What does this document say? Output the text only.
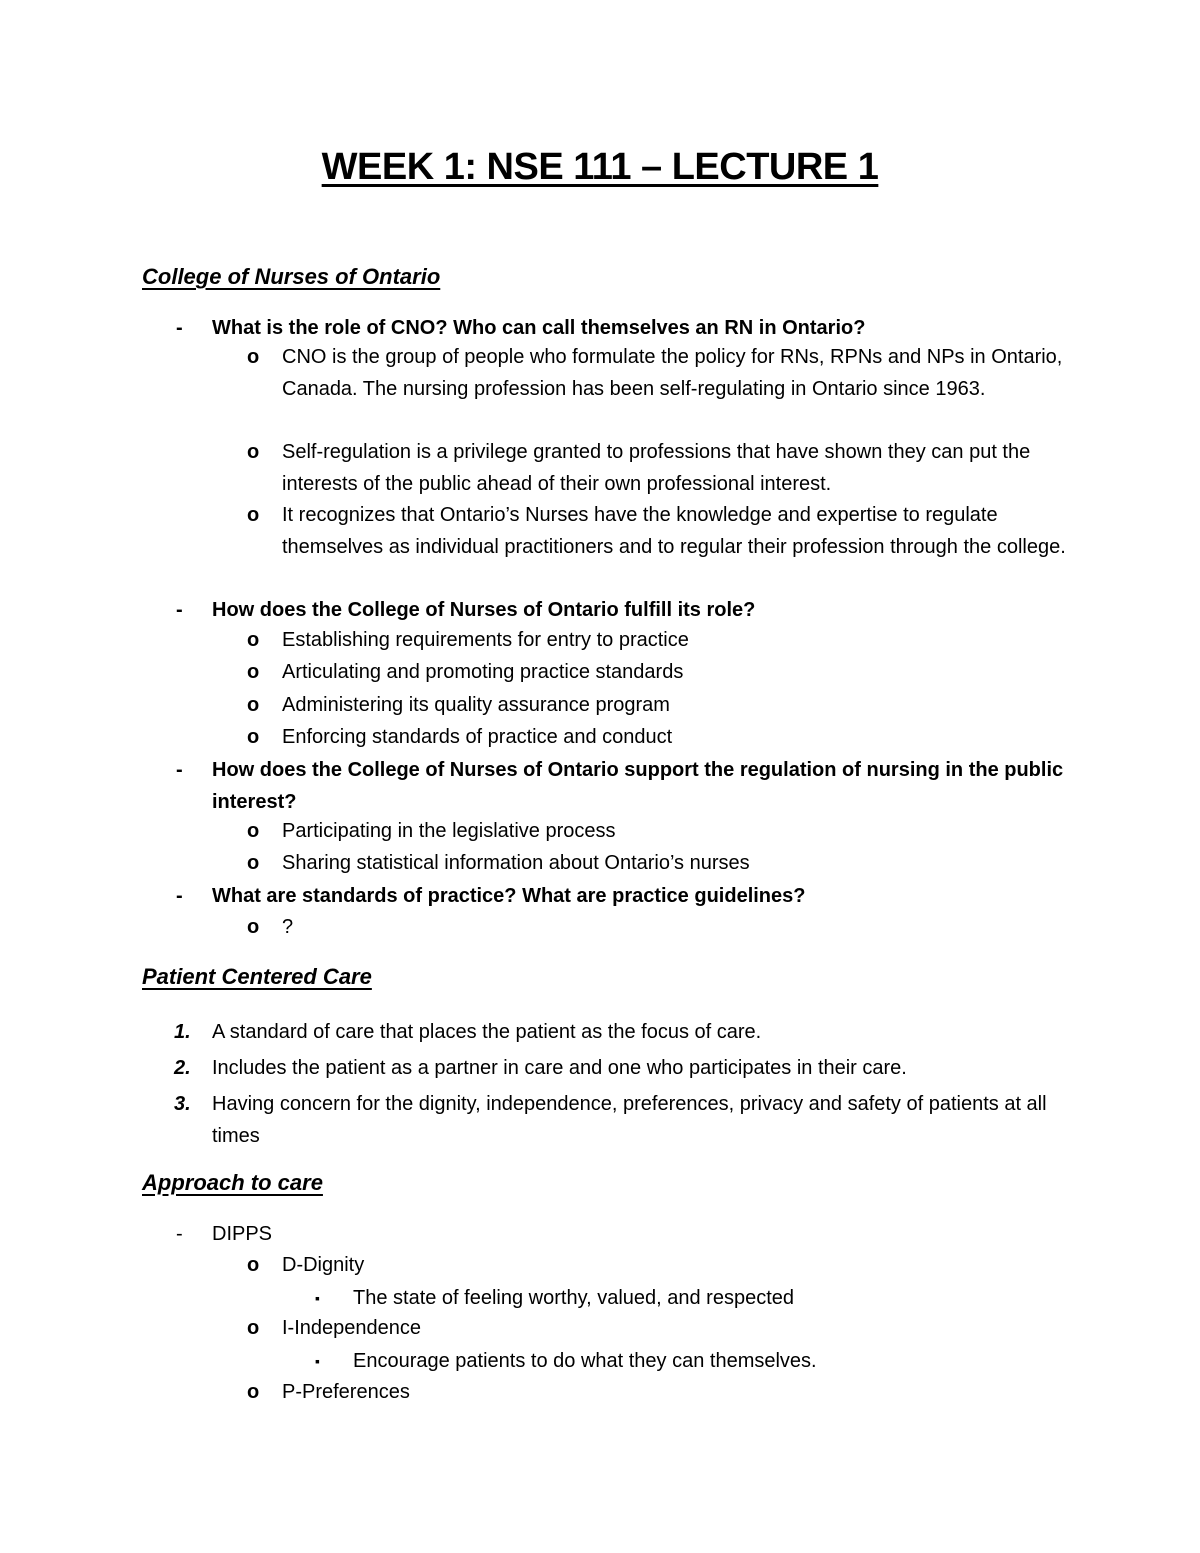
WEEK 1: NSE 111 – LECTURE 1
College of Nurses of Ontario
- What is the role of CNO? Who can call themselves an RN in Ontario?
o CNO is the group of people who formulate the policy for RNs, RPNs and NPs in Ontario, Canada. The nursing profession has been self-regulating in Ontario since 1963.
o Self-regulation is a privilege granted to professions that have shown they can put the interests of the public ahead of their own professional interest.
o It recognizes that Ontario’s Nurses have the knowledge and expertise to regulate themselves as individual practitioners and to regular their profession through the college.
- How does the College of Nurses of Ontario fulfill its role?
o Establishing requirements for entry to practice
o Articulating and promoting practice standards
o Administering its quality assurance program
o Enforcing standards of practice and conduct
- How does the College of Nurses of Ontario support the regulation of nursing in the public interest?
o Participating in the legislative process
o Sharing statistical information about Ontario’s nurses
- What are standards of practice? What are practice guidelines?
o ?
Patient Centered Care
1. A standard of care that places the patient as the focus of care.
2. Includes the patient as a partner in care and one who participates in their care.
3. Having concern for the dignity, independence, preferences, privacy and safety of patients at all times
Approach to care
- DIPPS
o D-Dignity
▪ The state of feeling worthy, valued, and respected
o I-Independence
▪ Encourage patients to do what they can themselves.
o P-Preferences
